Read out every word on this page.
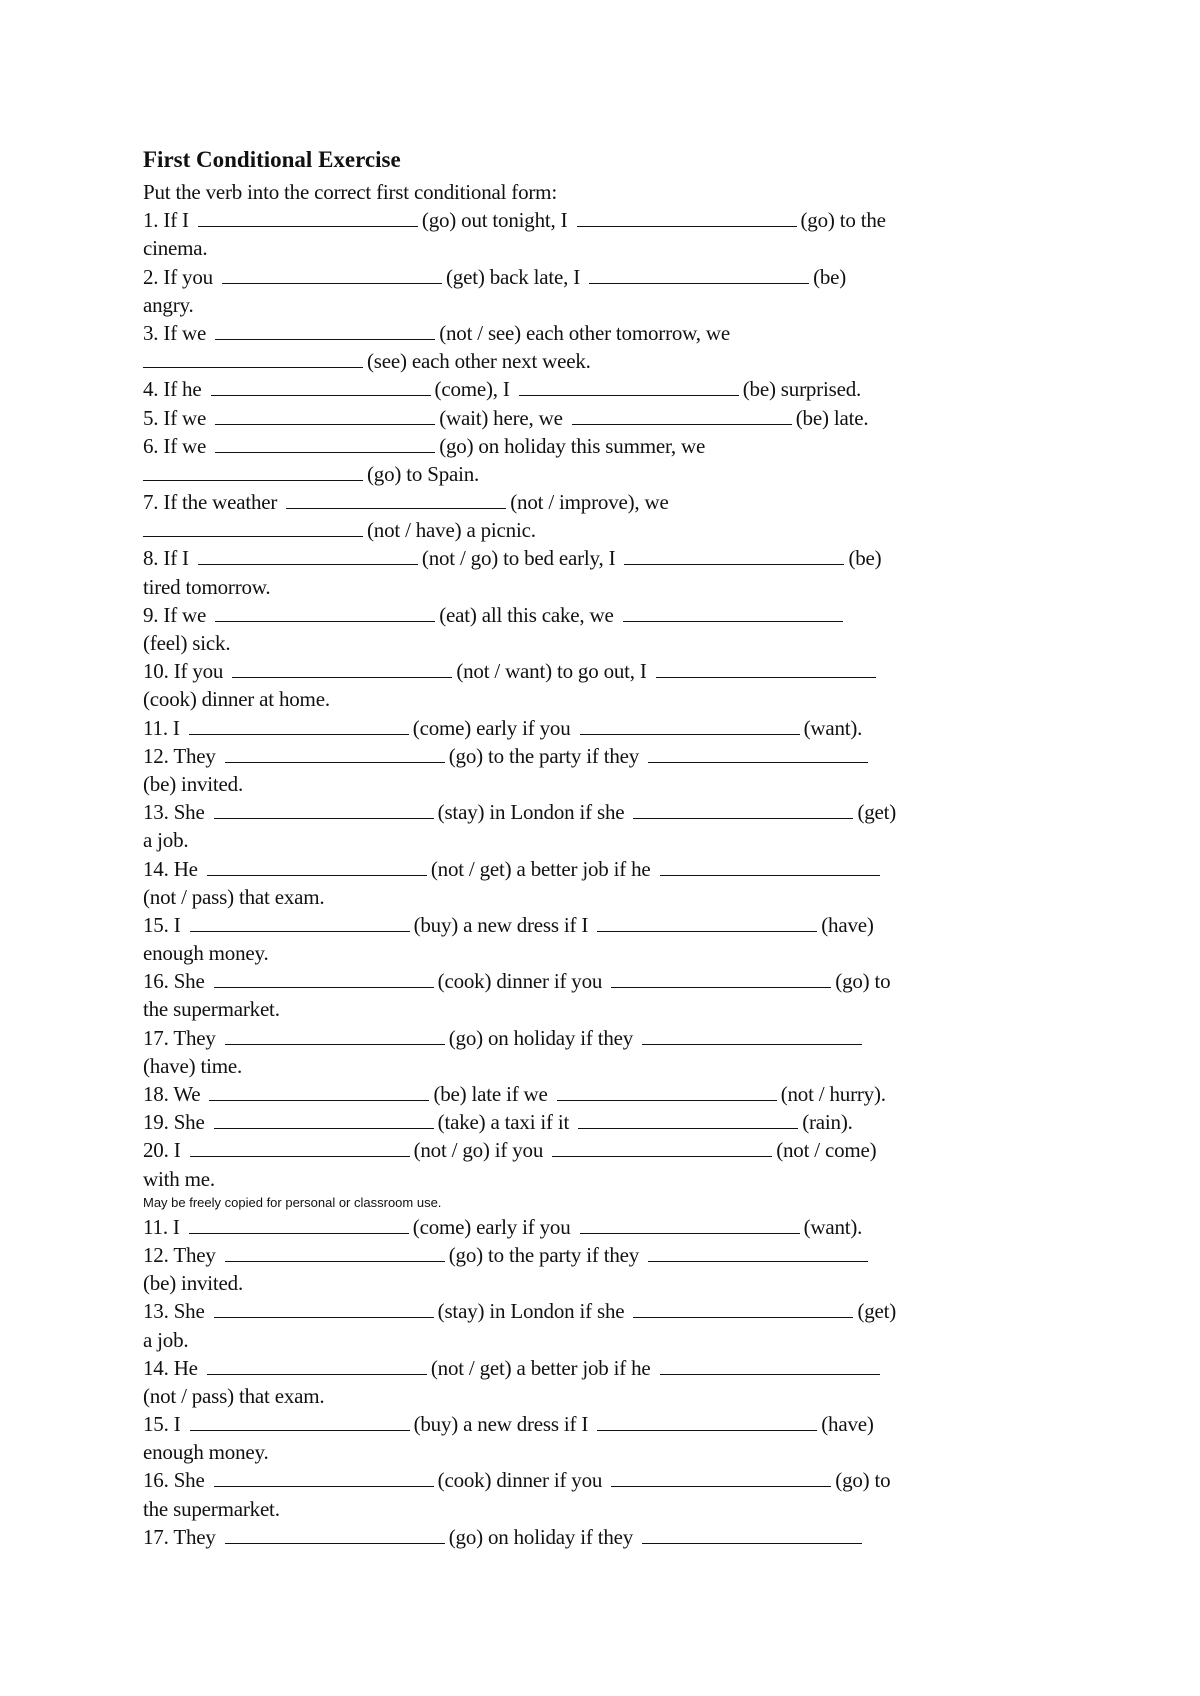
First Conditional Exercise
Put the verb into the correct first conditional form:
1. If I	(go) out tonight, I	(go) to the
cinema.
2. If you	(get) back late, I	(be)
angry.
3. If we	(not / see) each other tomorrow, we
(see) each other next week.
4. If he	(come), I	(be) surprised.
5. If we	(wait) here, we	(be) late.
6. If we	(go) on holiday this summer, we
(go) to Spain.
7. If the weather	(not / improve), we
(not / have) a picnic.
8. If I	(not / go) to bed early, I	(be)
tired tomorrow.
9. If we	(eat) all this cake, we
(feel) sick.
10. If you	(not / want) to go out, I
(cook) dinner at home.
11. I	(come) early if you	(want).
12. They	(go) to the party if they
(be) invited.
13. She	(stay) in London if she	(get)
a job.
14. He	(not / get) a better job if he
(not / pass) that exam.
15. I	(buy) a new dress if I	(have)
enough money.
16. She	(cook) dinner if you	(go) to
the supermarket.
17. They	(go) on holiday if they
(have) time.
18. We	(be) late if we	(not / hurry).
19. She	(take) a taxi if it	(rain).
20. I	(not / go) if you	(not / come)
with me.
May be freely copied for personal or classroom use.
11. I	(come) early if you	(want).
12. They	(go) to the party if they
(be) invited.
13. She	(stay) in London if she	(get)
a job.
14. He	(not / get) a better job if he
(not / pass) that exam.
15. I	(buy) a new dress if I	(have)
enough money.
16. She	(cook) dinner if you	(go) to
the supermarket.
17. They	(go) on holiday if they
